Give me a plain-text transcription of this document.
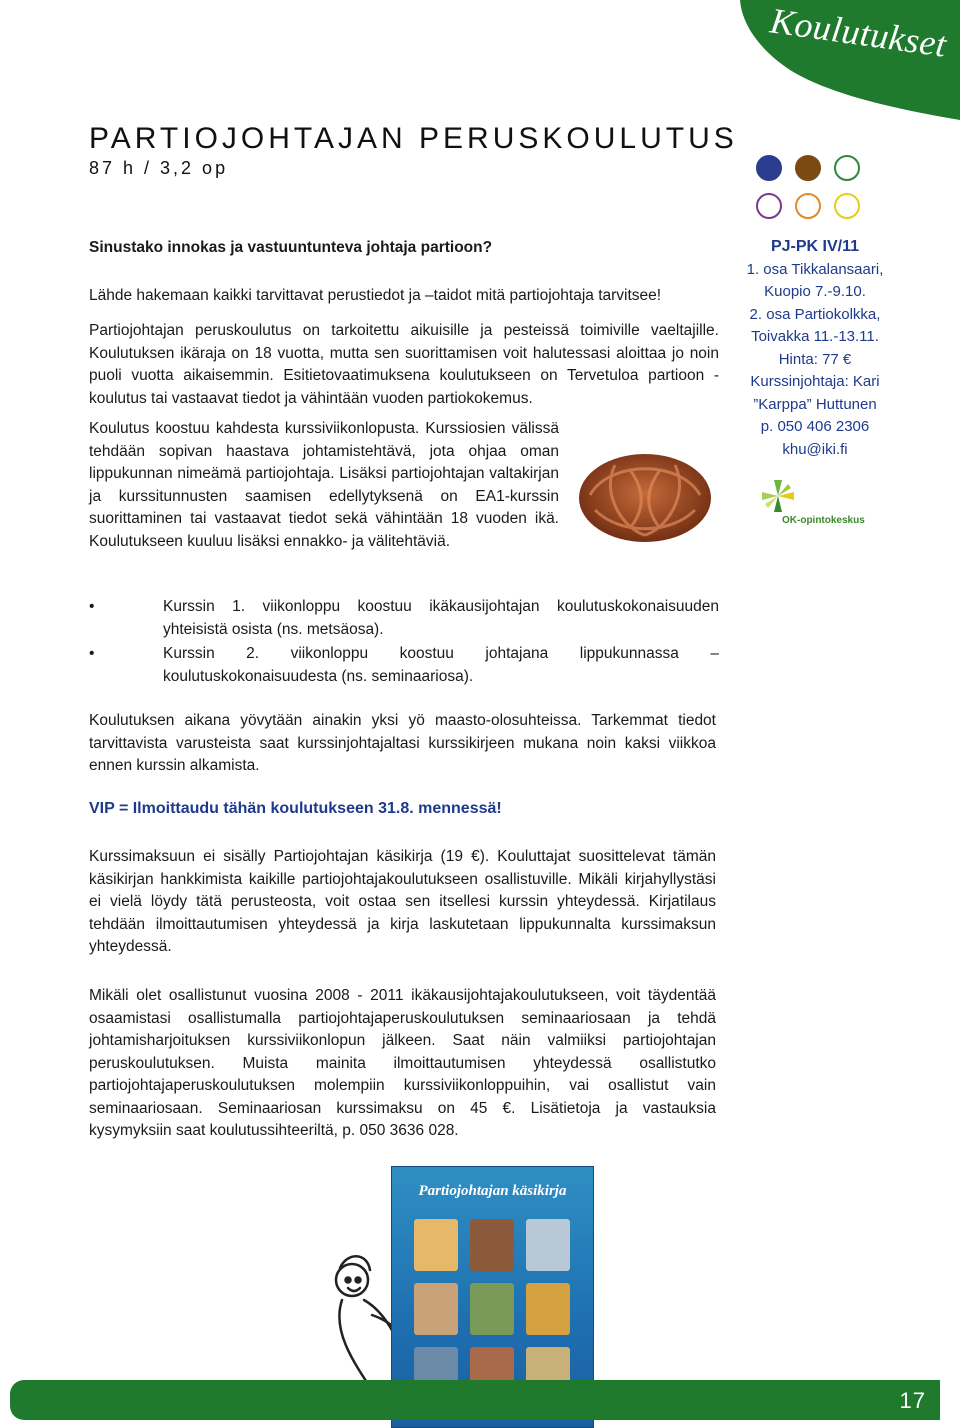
Koulutukset
PARTIOJOHTAJAN PERUSKOULUTUS
87 h / 3,2 op
PJ-PK IV/11
1. osa Tikkalansaari,
Kuopio 7.-9.10.
2. osa Partiokolkka,
Toivakka 11.-13.11.
Hinta: 77 €
Kurssinjohtaja: Kari
”Karppa” Huttunen
p. 050 406 2306
khu@iki.fi
OK-opintokeskus

Sinustako innokas ja vastuuntunteva johtaja partioon?

Lähde hakemaan kaikki tarvittavat perustiedot ja –taidot mitä partiojohtaja tarvitsee!

Partiojohtajan peruskoulutus on tarkoitettu aikuisille ja pesteissä toimiville vaeltajille. Koulutuksen ikäraja on 18 vuotta, mutta sen suorittamisen voit halutessasi aloittaa jo noin puoli vuotta aikaisemmin. Esitietovaatimuksena koulutukseen on Tervetuloa partioon -koulutus tai vastaavat tiedot ja vähintään vuoden partiokokemus.

Koulutus koostuu kahdesta kurssiviikonlopusta. Kurssiosien välissä tehdään sopivan haastava johtamistehtävä, jota ohjaa oman lippukunnan nimeämä partiojohtaja. Lisäksi partiojohtajan valtakirjan ja kurssitunnusten saamisen edellytyksenä on EA1-kurssin suorittaminen tai vastaavat tiedot sekä vähintään 18 vuoden ikä. Koulutukseen kuuluu lisäksi ennakko- ja välitehtäviä.

•	Kurssin 1. viikonloppu koostuu ikäkausijohtajan koulutuskokonaisuuden yhteisistä osista (ns. metsäosa).
•	Kurssin 2. viikonloppu koostuu johtajana lippukunnassa –koulutuskokonaisuudesta (ns. seminaariosa).

Koulutuksen aikana yövytään ainakin yksi yö maasto-olosuhteissa. Tarkemmat tiedot tarvittavista varusteista saat kurssinjohtajaltasi kurssikirjeen mukana noin kaksi viikkoa ennen kurssin alkamista.

VIP = Ilmoittaudu tähän koulutukseen 31.8. mennessä!

Kurssimaksuun ei sisälly Partiojohtajan käsikirja (19 €). Kouluttajat suosittelevat tämän käsikirjan hankkimista kaikille partiojohtajakoulutukseen osallistuville. Mikäli kirjahyllystäsi ei vielä löydy tätä perusteosta, voit ostaa sen itsellesi kurssin yhteydessä. Kirjatilaus tehdään ilmoittautumisen yhteydessä ja kirja laskutetaan lippukunnalta kurssimaksun yhteydessä.

Mikäli olet osallistunut vuosina 2008 - 2011 ikäkausijohtajakoulutukseen, voit täydentää osaamistasi osallistumalla partiojohtajaperuskoulutuksen seminaariosaan ja tehdä johtamisharjoituksen kurssiviikonlopun jälkeen. Saat näin valmiiksi partiojohtajan peruskoulutuksen. Muista mainita ilmoittautumisen yhteydessä osallistutko partiojohtajaperuskoulutuksen molempiin kurssiviikonloppuihin, vai osallistut vain seminaariosaan. Seminaariosan kurssimaksu on 45 €. Lisätietoja ja vastauksia kysymyksiin saat koulutussihteeriltä, p. 050 3636 028.

Partiojohtajan käsikirja
17
